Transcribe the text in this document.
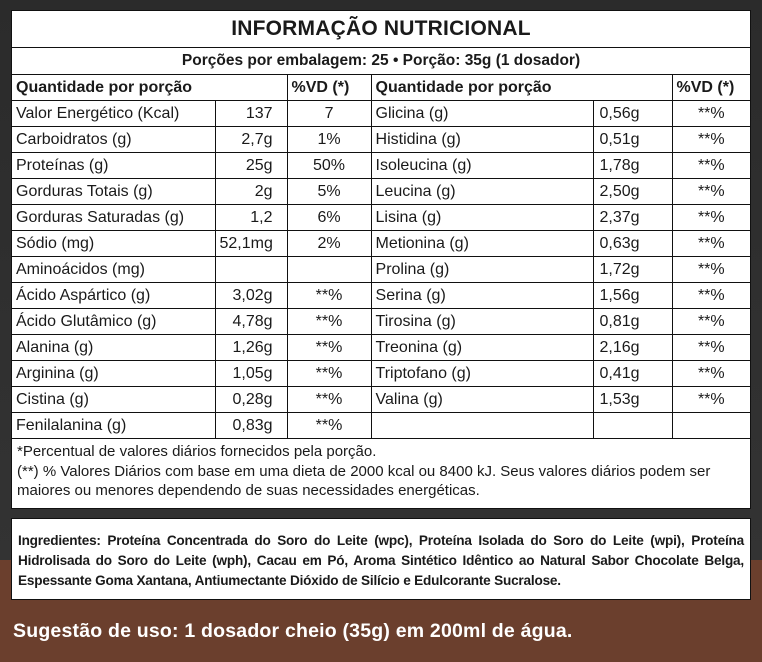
INFORMAÇÃO NUTRICIONAL
Porções por embalagem: 25 • Porção: 35g (1 dosador)
Quantidade por porção		%VD (*)	Quantidade por porção		%VD (*)
Valor Energético (Kcal)	137	7	Glicina (g)	0,56g	**%
Carboidratos (g)	2,7g	1%	Histidina (g)	0,51g	**%
Proteínas (g)	25g	50%	Isoleucina (g)	1,78g	**%
Gorduras Totais (g)	2g	5%	Leucina (g)	2,50g	**%
Gorduras Saturadas (g)	1,2	6%	Lisina (g)	2,37g	**%
Sódio (mg)	52,1mg	2%	Metionina (g)	0,63g	**%
Aminoácidos (mg)			Prolina (g)	1,72g	**%
Ácido Aspártico (g)	3,02g	**%	Serina (g)	1,56g	**%
Ácido Glutâmico (g)	4,78g	**%	Tirosina (g)	0,81g	**%
Alanina (g)	1,26g	**%	Treonina (g)	2,16g	**%
Arginina (g)	1,05g	**%	Triptofano (g)	0,41g	**%
Cistina (g)	0,28g	**%	Valina (g)	1,53g	**%
Fenilalanina (g)	0,83g	**%			
*Percentual de valores diários fornecidos pela porção.
(**) % Valores Diários com base em uma dieta de 2000 kcal ou 8400 kJ. Seus valores diários podem ser maiores ou menores dependendo de suas necessidades energéticas.
Ingredientes: Proteína Concentrada do Soro do Leite (wpc), Proteína Isolada do Soro do Leite (wpi), Proteína Hidrolisada do Soro do Leite (wph), Cacau em Pó, Aroma Sintético Idêntico ao Natural Sabor Chocolate Belga, Espessante Goma Xantana, Antiumectante Dióxido de Silício e Edulcorante Sucralose.
Sugestão de uso: 1 dosador cheio (35g) em 200ml de água.
